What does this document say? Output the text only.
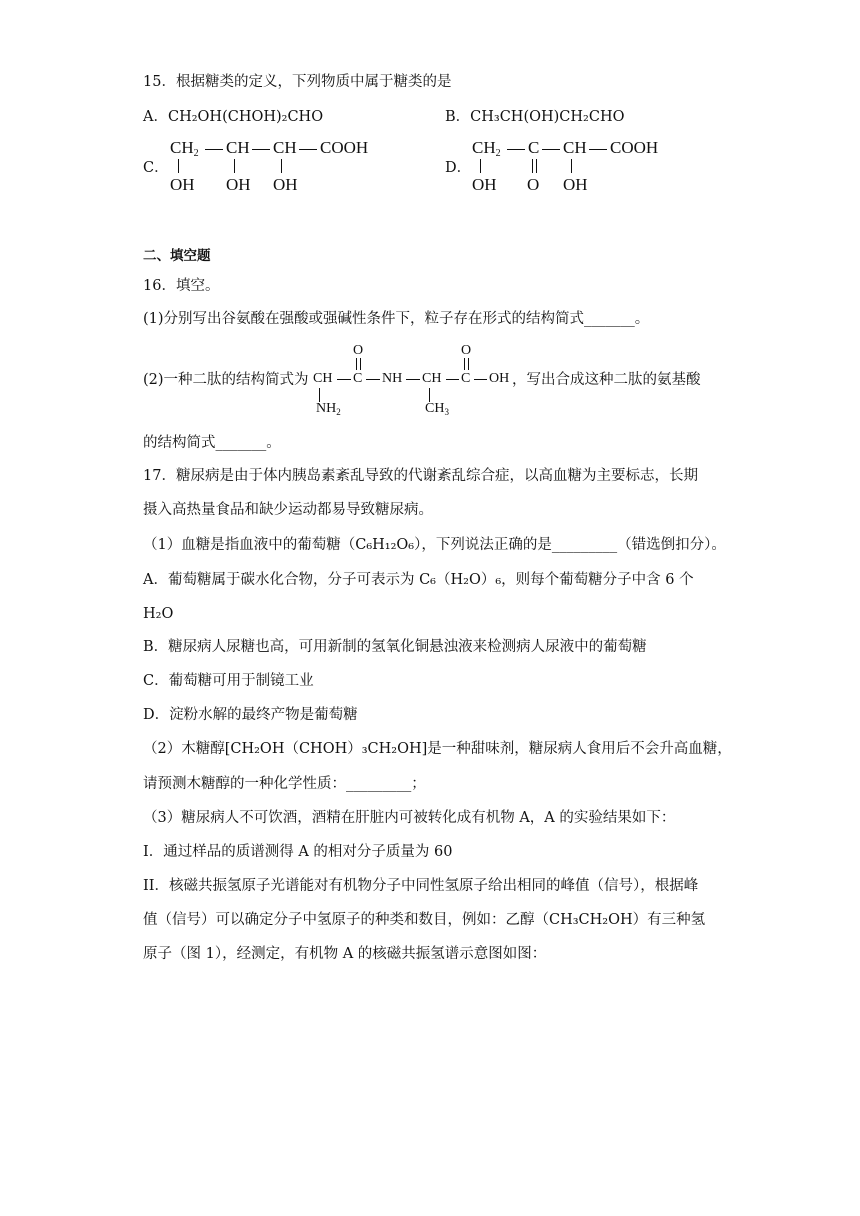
15．根据糖类的定义，下列物质中属于糖类的是
A．CH₂OH(CHOH)₂CHO	B．CH₃CH(OH)CH₂CHO
C．
$CH_2$ CH CH COOH
OH OH OH
D．
$CH_2$ C CH COOH
OH O OH
二、填空题
16．填空。
(1)分别写出谷氨酸在强酸或强碱性条件下，粒子存在形式的结构简式_______。
(2)一种二肽的结构简式为
O	O
CH C NH CH C OH
$NH_2$	$CH_3$
，写出合成这种二肽的氨基酸
的结构简式_______。
17．糖尿病是由于体内胰岛素紊乱导致的代谢紊乱综合症，以高血糖为主要标志，长期
摄入高热量食品和缺少运动都易导致糖尿病。
（1）血糖是指血液中的葡萄糖（C₆H₁₂O₆），下列说法正确的是_________（错选倒扣分）。
A．葡萄糖属于碳水化合物，分子可表示为 C₆（H₂O）₆，则每个葡萄糖分子中含 6 个
H₂O
B．糖尿病人尿糖也高，可用新制的氢氧化铜悬浊液来检测病人尿液中的葡萄糖
C．葡萄糖可用于制镜工业
D．淀粉水解的最终产物是葡萄糖
（2）木糖醇[CH₂OH（CHOH）₃CH₂OH]是一种甜味剂，糖尿病人食用后不会升高血糖，
请预测木糖醇的一种化学性质：_________；
（3）糖尿病人不可饮酒，酒精在肝脏内可被转化成有机物 A，A 的实验结果如下：
I．通过样品的质谱测得 A 的相对分子质量为 60
II．核磁共振氢原子光谱能对有机物分子中同性氢原子给出相同的峰值（信号），根据峰
值（信号）可以确定分子中氢原子的种类和数目，例如：乙醇（CH₃CH₂OH）有三种氢
原子（图 1），经测定，有机物 A 的核磁共振氢谱示意图如图：
